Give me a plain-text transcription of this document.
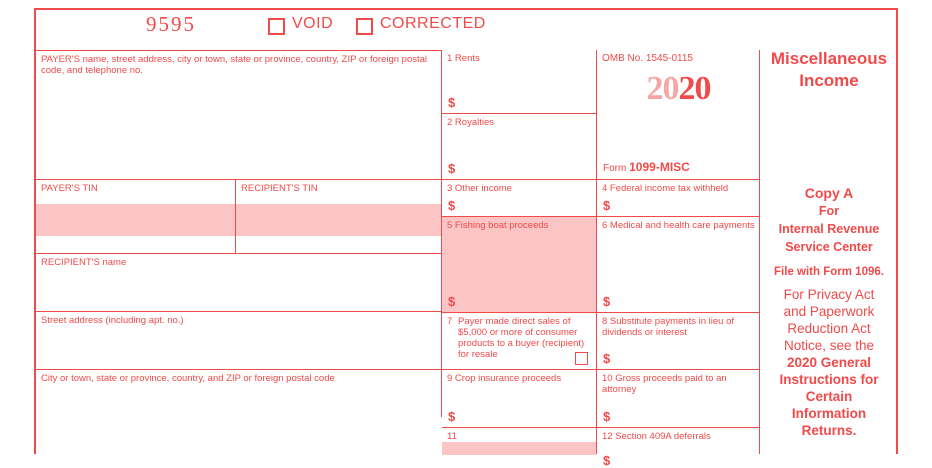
9595	VOID	CORRECTED
PAYER'S name, street address, city or town, state or province, country, ZIP or foreign postal code, and telephone no.
PAYER'S TIN	RECIPIENT'S TIN
RECIPIENT'S name
Street address (including apt. no.)
City or town, state or province, country, and ZIP or foreign postal code
1 Rents
$
2 Royalties
$
3 Other income
$
5 Fishing boat proceeds
$
7 Payer made direct sales of $5,000 or more of consumer products to a buyer (recipient) for resale
9 Crop insurance proceeds
$
11
OMB No. 1545-0115
2020
Form 1099-MISC
4 Federal income tax withheld
$
6 Medical and health care payments
$
8 Substitute payments in lieu of dividends or interest
$
10 Gross proceeds paid to an attorney
$
12 Section 409A deferrals
$
Copy A
For
Internal Revenue
Service Center
File with Form 1096.
For Privacy Act
and Paperwork
Reduction Act
Notice, see the
2020 General
Instructions for
Certain
Information
Returns.
Miscellaneous
Income
